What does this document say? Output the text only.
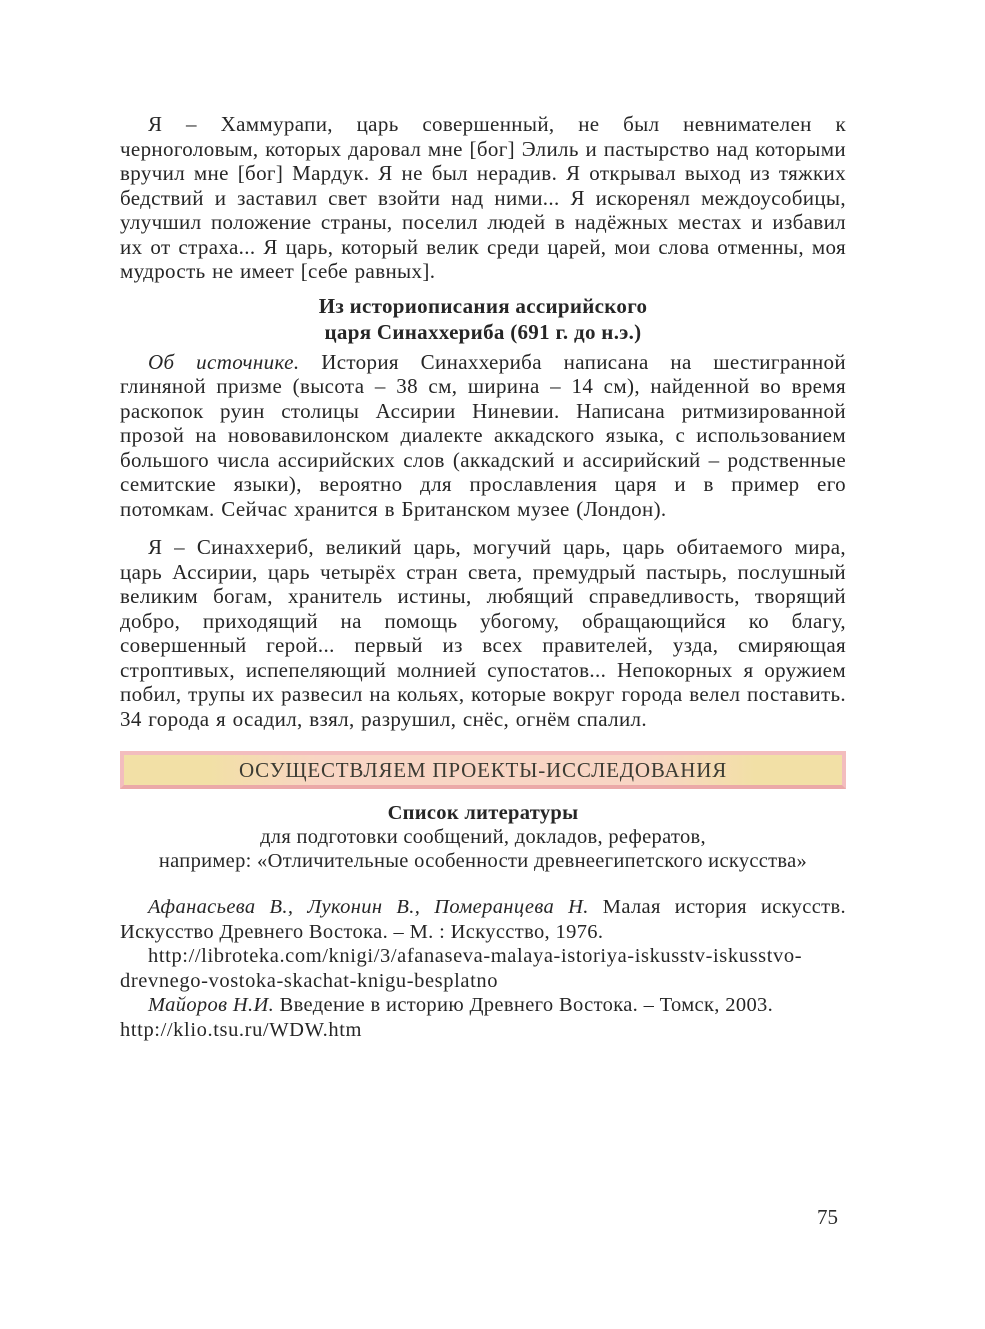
Я – Хаммурапи, царь совершенный, не был невнимателен к черноголовым, которых даровал мне [бог] Элиль и пастырство над которыми вручил мне [бог] Мардук. Я не был нерадив. Я открывал выход из тяжких бедствий и заставил свет взойти над ними... Я искоренял междоусобицы, улучшил положение страны, поселил людей в надёжных местах и избавил их от страха... Я царь, который велик среди царей, мои слова отменны, моя мудрость не имеет [себе равных].

Из историописания ассирийского
царя Синаххериба (691 г. до н.э.)

Об источнике. История Синаххериба написана на шестигранной глиняной призме (высота – 38 см, ширина – 14 см), найденной во время раскопок руин столицы Ассирии Ниневии. Написана ритмизированной прозой на нововавилонском диалекте аккадского языка, с использованием большого числа ассирийских слов (аккадский и ассирийский – родственные семитские языки), вероятно для прославления царя и в пример его потомкам. Сейчас хранится в Британском музее (Лондон).

Я – Синаххериб, великий царь, могучий царь, царь обитаемого мира, царь Ассирии, царь четырёх стран света, премудрый пастырь, послушный великим богам, хранитель истины, любящий справедливость, творящий добро, приходящий на помощь убогому, обращающийся ко благу, совершенный герой... первый из всех правителей, узда, смиряющая строптивых, испепеляющий молнией супостатов... Непокорных я оружием побил, трупы их развесил на кольях, которые вокруг города велел поставить. 34 города я осадил, взял, разрушил, снёс, огнём спалил.

ОСУЩЕСТВЛЯЕМ ПРОЕКТЫ-ИССЛЕДОВАНИЯ
Список литературы
для подготовки сообщений, докладов, рефератов,
например: «Отличительные особенности древнеегипетского искусства»

Афанасьева В., Луконин В., Померанцева Н. Малая история искусств. Искусство Древнего Востока. – М. : Искусство, 1976.

http://libroteka.com/knigi/3/afanaseva-malaya-istoriya-iskusstv-iskusstvo-drevnego-vostoka-skachat-knigu-besplatno

Майоров Н.И. Введение в историю Древнего Востока. – Томск, 2003.
http://klio.tsu.ru/WDW.htm

75
